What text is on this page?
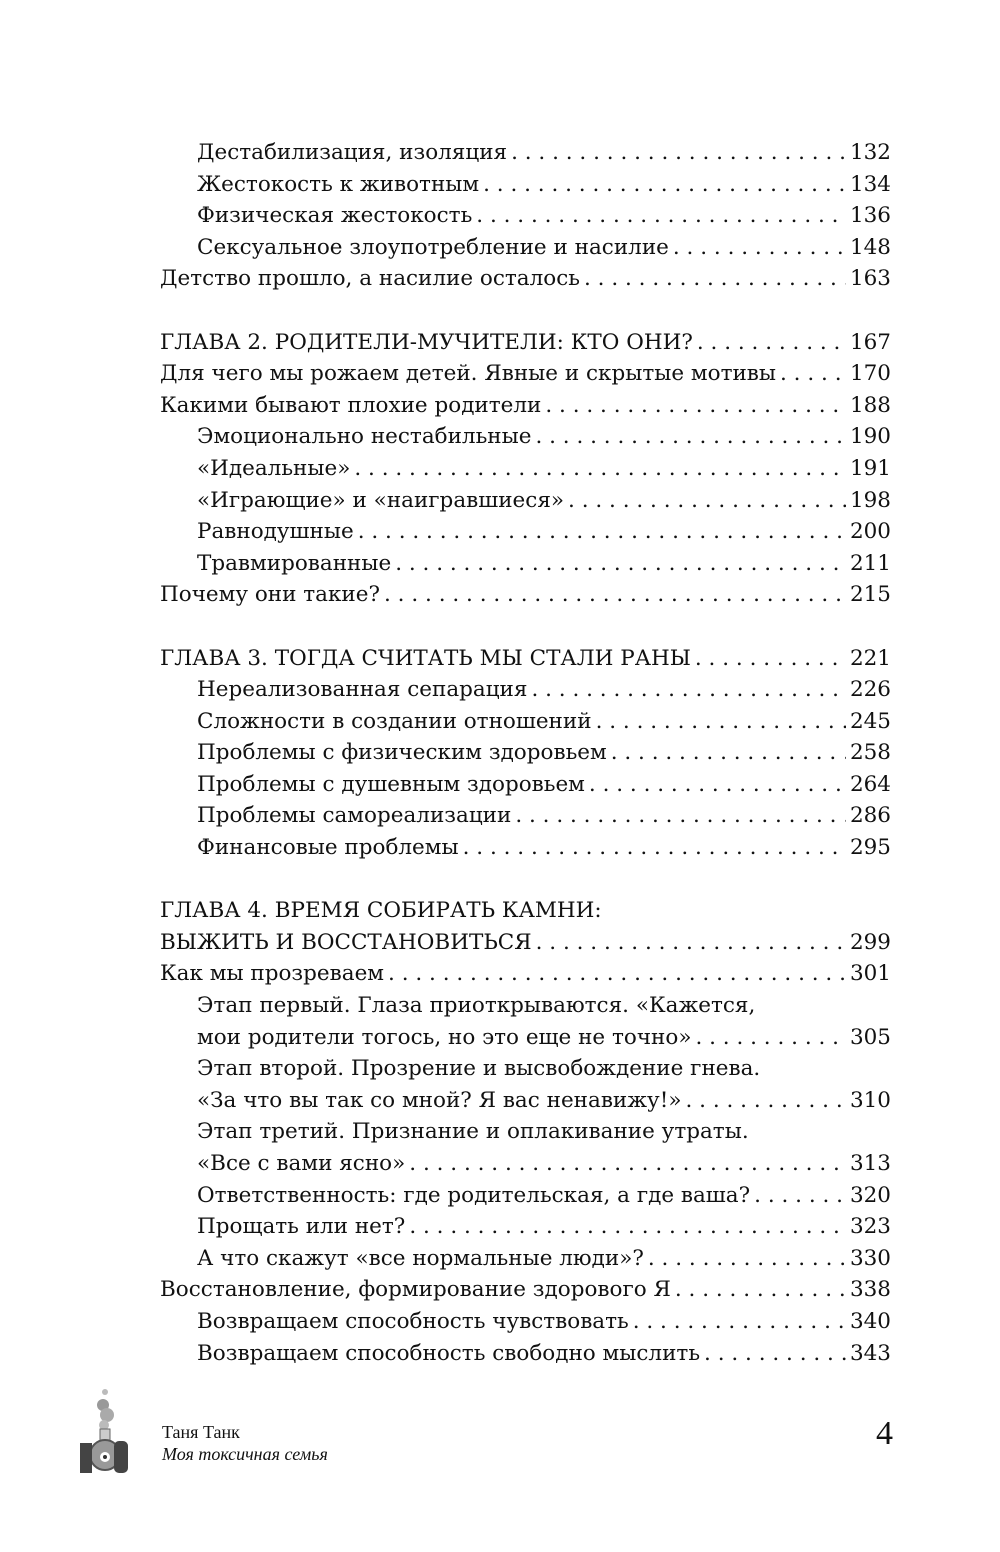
Дестабилизация, изоляция . . .	132
Жестокость к животным . . .	134
Физическая жестокость . . .	136
Сексуальное злоупотребление и насилие . . .	148
Детство прошло, а насилие осталось . . .	163
ГЛАВА 2. РОДИТЕЛИ-МУЧИТЕЛИ: КТО ОНИ? . . .	167
Для чего мы рожаем детей. Явные и скрытые мотивы . . .	170
Какими бывают плохие родители . . .	188
Эмоционально нестабильные . . .	190
«Идеальные» . . .	191
«Играющие» и «наигравшиеся» . . .	198
Равнодушные . . .	200
Травмированные . . .	211
Почему они такие? . . .	215
ГЛАВА 3. ТОГДА СЧИТАТЬ МЫ СТАЛИ РАНЫ . . .	221
Нереализованная сепарация . . .	226
Сложности в создании отношений . . .	245
Проблемы с физическим здоровьем . . .	258
Проблемы с душевным здоровьем . . .	264
Проблемы самореализации . . .	286
Финансовые проблемы . . .	295
ГЛАВА 4. ВРЕМЯ СОБИРАТЬ КАМНИ:
ВЫЖИТЬ И ВОССТАНОВИТЬСЯ . . .	299
Как мы прозреваем . . .	301
Этап первый. Глаза приоткрываются. «Кажется,
мои родители тогось, но это еще не точно» . . .	305
Этап второй. Прозрение и высвобождение гнева.
«За что вы так со мной? Я вас ненавижу!» . . .	310
Этап третий. Признание и оплакивание утраты.
«Все с вами ясно» . . .	313
Ответственность: где родительская, а где ваша? . . .	320
Прощать или нет? . . .	323
А что скажут «все нормальные люди»? . . .	330
Восстановление, формирование здорового Я . . .	338
Возвращаем способность чувствовать . . .	340
Возвращаем способность свободно мыслить . . .	343
Таня Танк
Моя токсичная семья
4
